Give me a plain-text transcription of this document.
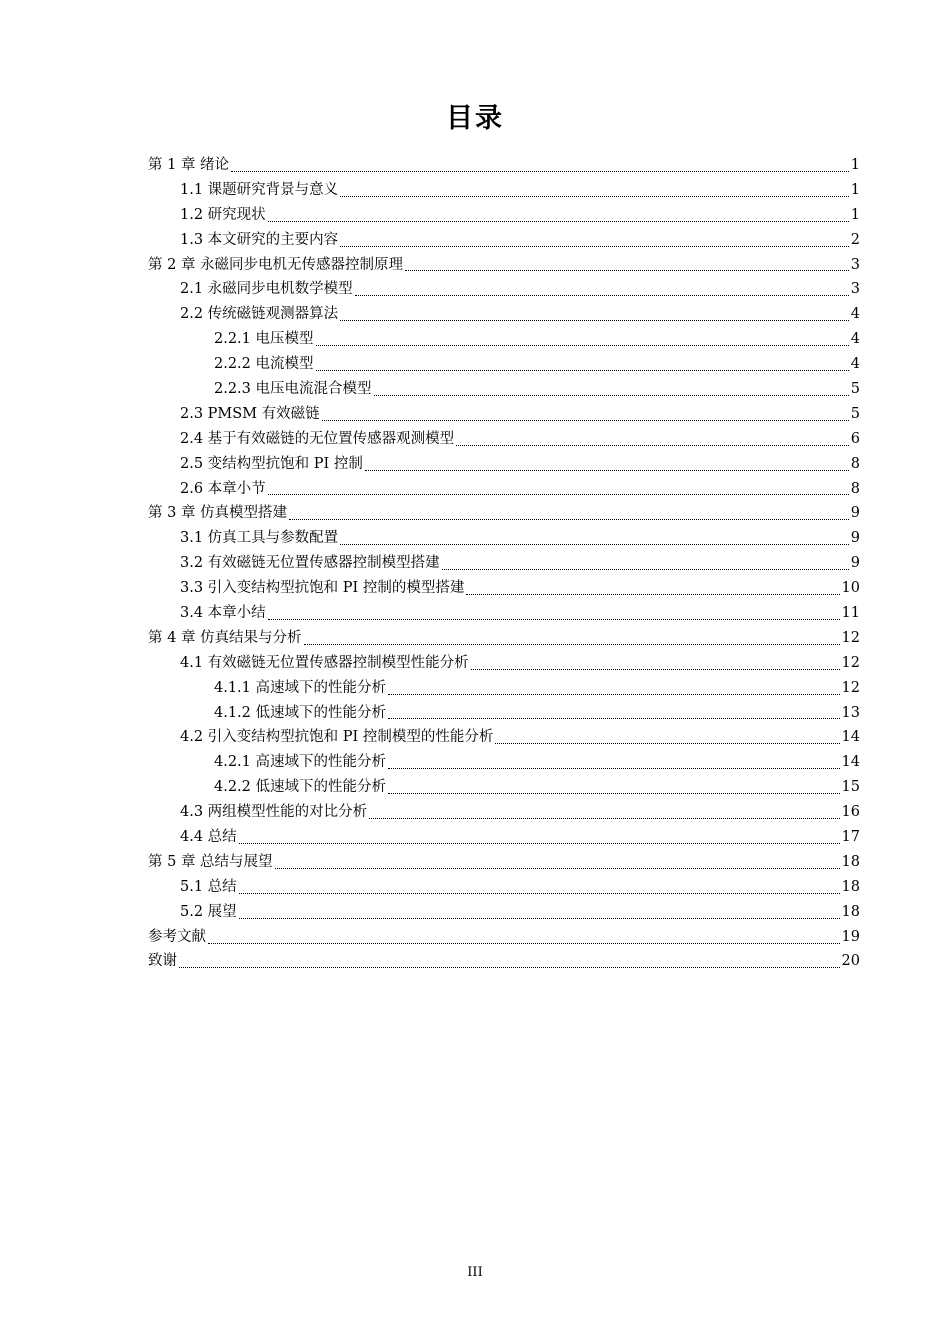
目录
第 1 章 绪论	1
1.1 课题研究背景与意义	1
1.2 研究现状	1
1.3 本文研究的主要内容	2
第 2 章 永磁同步电机无传感器控制原理	3
2.1 永磁同步电机数学模型	3
2.2 传统磁链观测器算法	4
2.2.1 电压模型	4
2.2.2 电流模型	4
2.2.3 电压电流混合模型	5
2.3 PMSM 有效磁链	5
2.4 基于有效磁链的无位置传感器观测模型	6
2.5 变结构型抗饱和 PI 控制	8
2.6 本章小节	8
第 3 章 仿真模型搭建	9
3.1 仿真工具与参数配置	9
3.2 有效磁链无位置传感器控制模型搭建	9
3.3 引入变结构型抗饱和 PI 控制的模型搭建	10
3.4 本章小结	11
第 4 章 仿真结果与分析	12
4.1 有效磁链无位置传感器控制模型性能分析	12
4.1.1 高速域下的性能分析	12
4.1.2 低速域下的性能分析	13
4.2 引入变结构型抗饱和 PI 控制模型的性能分析	14
4.2.1 高速域下的性能分析	14
4.2.2 低速域下的性能分析	15
4.3 两组模型性能的对比分析	16
4.4 总结	17
第 5 章 总结与展望	18
5.1 总结	18
5.2 展望	18
参考文献	19
致谢	20
III
